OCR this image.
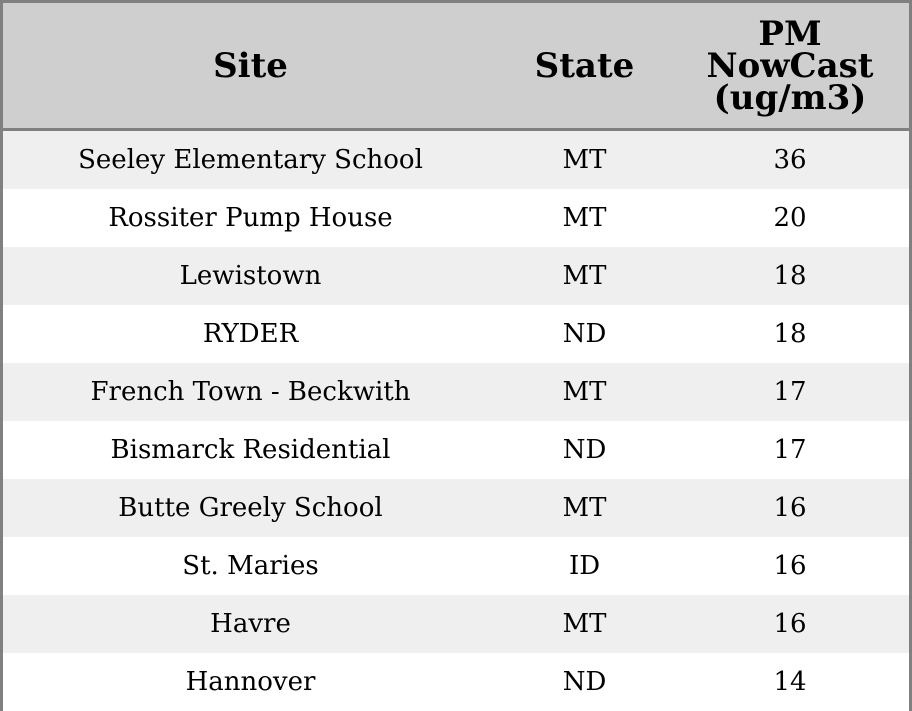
Site	State	PM
NowCast
(ug/m3)

Seeley Elementary School	MT	36
Rossiter Pump House	MT	20
Lewistown	MT	18
RYDER	ND	18
French Town - Beckwith	MT	17
Bismarck Residential	ND	17
Butte Greely School	MT	16
St. Maries	ID	16
Havre	MT	16
Hannover	ND	14
